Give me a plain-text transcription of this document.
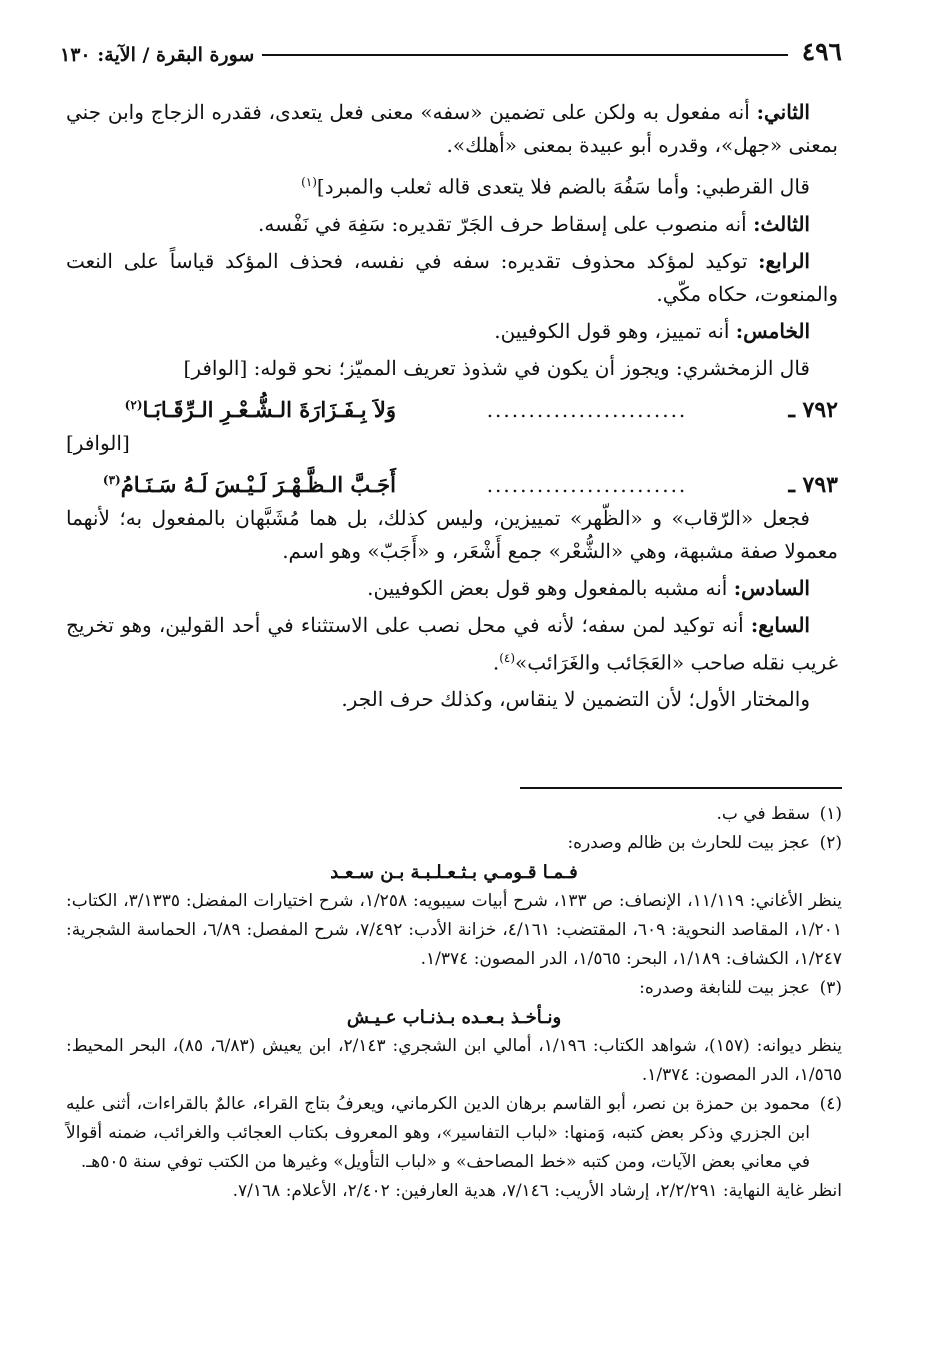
٤٩٦
سورة البقرة / الآية: ١٣٠

الثاني: أنه مفعول به ولكن على تضمين «سفه» معنى فعل يتعدى، فقدره الزجاج وابن جني بمعنى «جهل»، وقدره أبو عبيدة بمعنى «أهلك».

قال القرطبي: وأما سَفُهَ بالضم فلا يتعدى قاله ثعلب والمبرد]$^{(١)}$

الثالث: أنه منصوب على إسقاط حرف الجَرّ تقديره: سَفِهَ في نَفْسه.

الرابع: توكيد لمؤكد محذوف تقديره: سفه في نفسه، فحذف المؤكد قياساً على النعت والمنعوت، حكاه مكّي.

الخامس: أنه تمييز، وهو قول الكوفيين.

قال الزمخشري: ويجوز أن يكون في شذوذ تعريف المميّز؛ نحو قوله: [الوافر]

٧٩٢ ـ
........................
وَلاَ بِـفَـزَارَةَ الـشُّـعْـرِ الـرِّقَـابَـا$^{(٢)}$

[الوافر]

٧٩٣ ـ
........................
أَجَـبَّ الـظَّـهْـرَ لَـيْـسَ لَـهُ سَـنَـامُ$^{(٣)}$

فجعل «الرّقاب» و «الظّهر» تمييزين، وليس كذلك، بل هما مُشَبَّهان بالمفعول به؛ لأنهما معمولا صفة مشبهة، وهي «الشُّعْر» جمع أَشْعَر، و «أَجَبّ» وهو اسم.

السادس: أنه مشبه بالمفعول وهو قول بعض الكوفيين.

السابع: أنه توكيد لمن سفه؛ لأنه في محل نصب على الاستثناء في أحد القولين، وهو تخريج غريب نقله صاحب «العَجَائب والغَرَائب»$^{(٤)}$.

والمختار الأول؛ لأن التضمين لا ينقاس، وكذلك حرف الجر.

(١)
سقط في ب.
(٢)
عجز بيت للحارث بن ظالم وصدره:

فـمـا قـومـي بـثـعـلـبـة بـن سـعـد

ينظر الأغاني: ١١/١١٩، الإنصاف: ص ١٣٣، شرح أبيات سيبويه: ١/٢٥٨، شرح اختيارات المفضل: ٣/١٣٣٥، الكتاب: ١/٢٠١، المقاصد النحوية: ٦٠٩، المقتضب: ٤/١٦١، خزانة الأدب: ٧/٤٩٢، شرح المفصل: ٦/٨٩، الحماسة الشجرية: ١/٢٤٧، الكشاف: ١/١٨٩، البحر: ١/٥٦٥، الدر المصون: ١/٣٧٤.

(٣)
عجز بيت للنابغة وصدره:

ونـأخـذ بـعـده بـذنـاب عـيـش

ينظر ديوانه: (١٥٧)، شواهد الكتاب: ١/١٩٦، أمالي ابن الشجري: ٢/١٤٣، ابن يعيش (٦/٨٣، ٨٥)، البحر المحيط: ١/٥٦٥، الدر المصون: ١/٣٧٤.

(٤)
محمود بن حمزة بن نصر، أبو القاسم برهان الدين الكرماني، ويعرفُ بتاج القراء، عالمٌ بالقراءات، أثنى عليه ابن الجزري وذكر بعض كتبه، وَمنها: «لباب التفاسير»، وهو المعروف بكتاب العجائب والغرائب، ضمنه أقوالاً في معاني بعض الآيات، ومن كتبه «خط المصاحف» و «لباب التأويل» وغيرها من الكتب توفي سنة ٥٠٥هـ.

انظر غاية النهاية: ٢/٢/٢٩١، إرشاد الأريب: ٧/١٤٦، هدية العارفين: ٢/٤٠٢، الأعلام: ٧/١٦٨.
